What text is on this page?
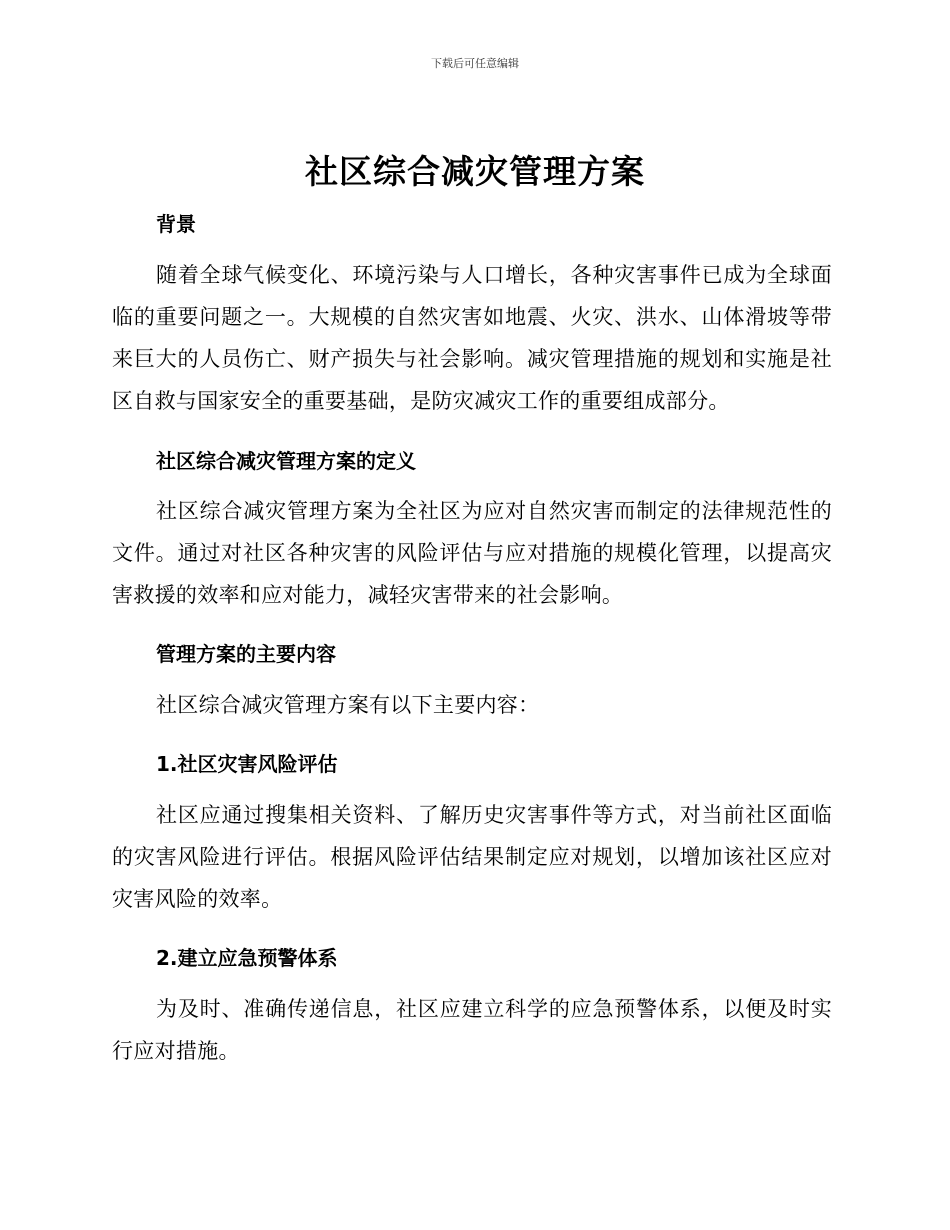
下载后可任意编辑
社区综合减灾管理方案
背景
随着全球气候变化、环境污染与人口增长，各种灾害事件已成为全球面临的重要问题之一。大规模的自然灾害如地震、火灾、洪水、山体滑坡等带来巨大的人员伤亡、财产损失与社会影响。减灾管理措施的规划和实施是社区自救与国家安全的重要基础，是防灾减灾工作的重要组成部分。
社区综合减灾管理方案的定义
社区综合减灾管理方案为全社区为应对自然灾害而制定的法律规范性的文件。通过对社区各种灾害的风险评估与应对措施的规模化管理，以提高灾害救援的效率和应对能力，减轻灾害带来的社会影响。
管理方案的主要内容
社区综合减灾管理方案有以下主要内容：
1.社区灾害风险评估
社区应通过搜集相关资料、了解历史灾害事件等方式，对当前社区面临的灾害风险进行评估。根据风险评估结果制定应对规划，以增加该社区应对灾害风险的效率。
2.建立应急预警体系
为及时、准确传递信息，社区应建立科学的应急预警体系，以便及时实行应对措施。
